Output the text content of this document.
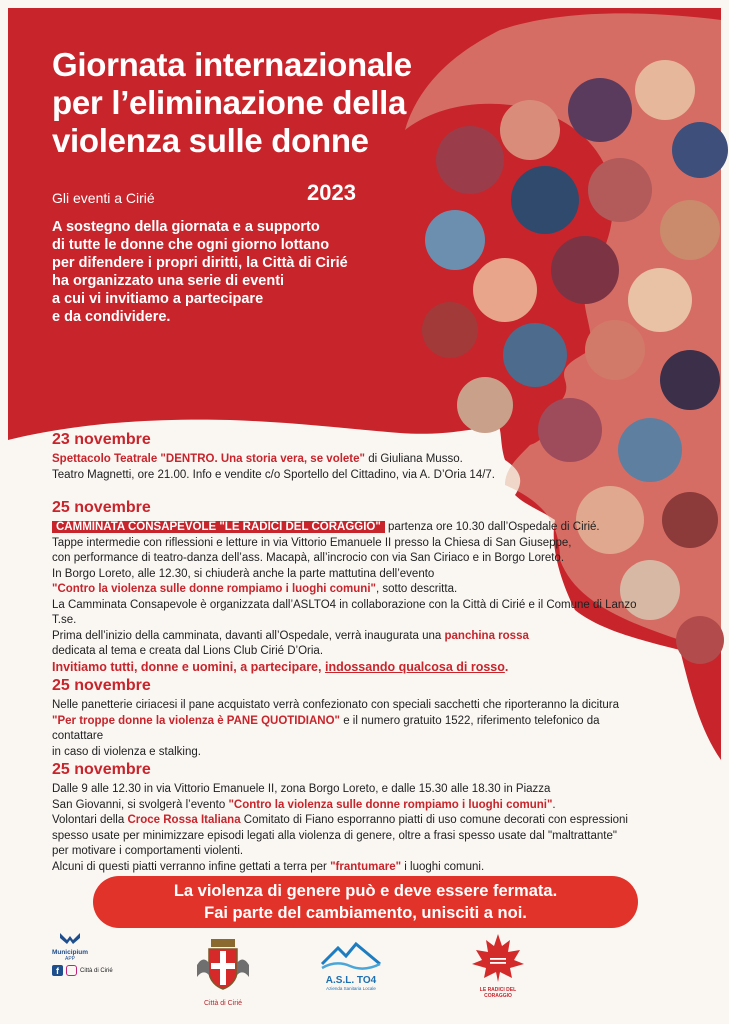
Giornata internazionale
per l’eliminazione della
violenza sulle donne
2023
Gli eventi a Cirié
A sostegno della giornata e a supporto
di tutte le donne che ogni giorno lottano
per difendere i propri diritti, la Città di Cirié
ha organizzato una serie di eventi
a cui vi invitiamo a partecipare
e da condividere.
23 novembre
Spettacolo Teatrale "DENTRO. Una storia vera, se volete" di Giuliana Musso.
Teatro Magnetti, ore 21.00. Info e vendite c/o Sportello del Cittadino, via A. D’Oria 14/7.
25 novembre
CAMMINATA CONSAPEVOLE "LE RADICI DEL CORAGGIO" partenza ore 10.30 dall’Ospedale di Cirié.
Tappe intermedie con riflessioni e letture in via Vittorio Emanuele II presso la Chiesa di San Giuseppe,
con performance di teatro-danza dell’ass. Macapà, all’incrocio con via San Ciriaco e in Borgo Loreto.
In Borgo Loreto, alle 12.30, si chiuderà anche la parte mattutina dell’evento
"Contro la violenza sulle donne rompiamo i luoghi comuni", sotto descritta.
La Camminata Consapevole è organizzata dall’ASLTO4 in collaborazione con la Città di Cirié e il Comune di Lanzo T.se.
Prima dell’inizio della camminata, davanti all’Ospedale, verrà inaugurata una panchina rossa
dedicata al tema e creata dal Lions Club Cirié D’Oria.
Invitiamo tutti, donne e uomini, a partecipare, indossando qualcosa di rosso.
25 novembre
Nelle panetterie ciriacesi il pane acquistato verrà confezionato con speciali sacchetti che riporteranno la dicitura
"Per troppe donne la violenza è PANE QUOTIDIANO" e il numero gratuito 1522, riferimento telefonico da contattare
in caso di violenza e stalking.
25 novembre
Dalle 9 alle 12.30 in via Vittorio Emanuele II, zona Borgo Loreto, e dalle 15.30 alle 18.30 in Piazza
San Giovanni, si svolgerà l’evento "Contro la violenza sulle donne rompiamo i luoghi comuni".
Volontari della Croce Rossa Italiana Comitato di Fiano esporranno piatti di uso comune decorati con espressioni
spesso usate per minimizzare episodi legati alla violenza di genere, oltre a frasi spesso usate dal "maltrattante"
per motivare i comportamenti violenti.
Alcuni di questi piatti verranno infine gettati a terra per "frantumare" i luoghi comuni.
La violenza di genere può e deve essere fermata.
Fai parte del cambiamento, unisciti a noi.
Municipium
APP
f	Città di Cirié
Città di Cirié
A.S.L. TO4
Azienda Sanitaria Locale	LE RADICI DEL CORAGGIO
